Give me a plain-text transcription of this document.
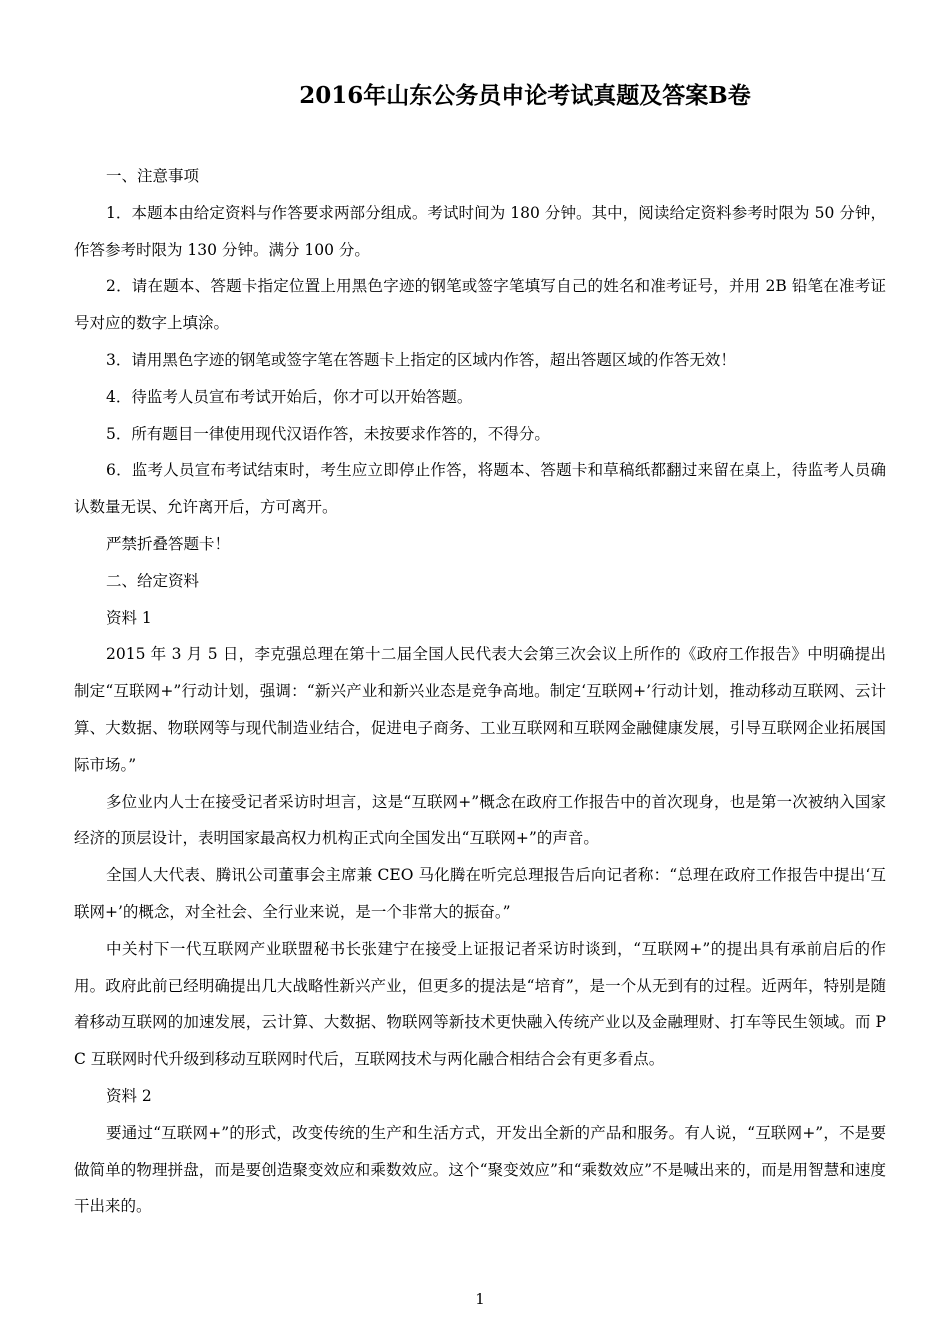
2016年山东公务员申论考试真题及答案B卷

一、注意事项

1．本题本由给定资料与作答要求两部分组成。考试时间为 180 分钟。其中，阅读给定资料参考时限为 50 分钟，作答参考时限为 130 分钟。满分 100 分。

2．请在题本、答题卡指定位置上用黑色字迹的钢笔或签字笔填写自己的姓名和准考证号，并用 2B 铅笔在准考证号对应的数字上填涂。

3．请用黑色字迹的钢笔或签字笔在答题卡上指定的区域内作答，超出答题区域的作答无效！

4．待监考人员宣布考试开始后，你才可以开始答题。

5．所有题目一律使用现代汉语作答，未按要求作答的，不得分。

6．监考人员宣布考试结束时，考生应立即停止作答，将题本、答题卡和草稿纸都翻过来留在桌上，待监考人员确认数量无误、允许离开后，方可离开。

严禁折叠答题卡！

二、给定资料

资料 1

2015 年 3 月 5 日，李克强总理在第十二届全国人民代表大会第三次会议上所作的《政府工作报告》中明确提出制定“互联网+”行动计划，强调：“新兴产业和新兴业态是竞争高地。制定‘互联网+’行动计划，推动移动互联网、云计算、大数据、物联网等与现代制造业结合，促进电子商务、工业互联网和互联网金融健康发展，引导互联网企业拓展国际市场。”

多位业内人士在接受记者采访时坦言，这是“互联网+”概念在政府工作报告中的首次现身，也是第一次被纳入国家经济的顶层设计，表明国家最高权力机构正式向全国发出“互联网+”的声音。

全国人大代表、腾讯公司董事会主席兼 CEO 马化腾在听完总理报告后向记者称：“总理在政府工作报告中提出‘互联网+’的概念，对全社会、全行业来说，是一个非常大的振奋。”

中关村下一代互联网产业联盟秘书长张建宁在接受上证报记者采访时谈到，“互联网+”的提出具有承前启后的作用。政府此前已经明确提出几大战略性新兴产业，但更多的提法是“培育”，是一个从无到有的过程。近两年，特别是随着移动互联网的加速发展，云计算、大数据、物联网等新技术更快融入传统产业以及金融理财、打车等民生领域。而 PC 互联网时代升级到移动互联网时代后，互联网技术与两化融合相结合会有更多看点。

资料 2

要通过“互联网+”的形式，改变传统的生产和生活方式，开发出全新的产品和服务。有人说，“互联网+”，不是要做简单的物理拼盘，而是要创造聚变效应和乘数效应。这个“聚变效应”和“乘数效应”不是喊出来的，而是用智慧和速度干出来的。

1
